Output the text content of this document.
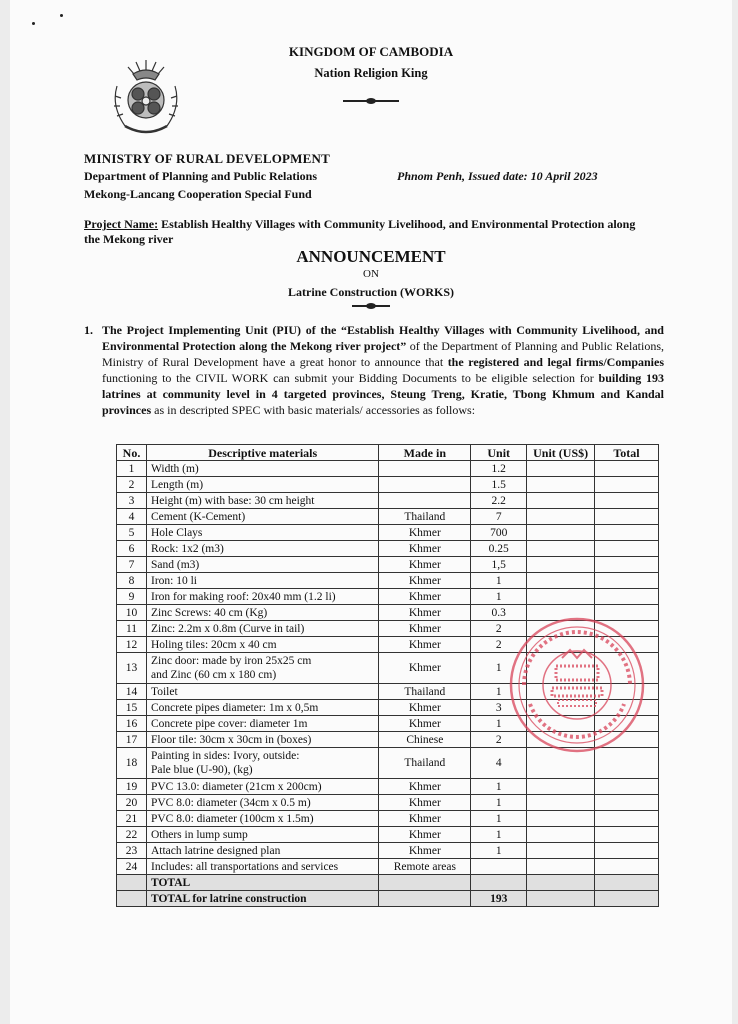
KINGDOM OF CAMBODIA
Nation Religion King
MINISTRY OF RURAL DEVELOPMENT
Department of Planning and Public Relations
Mekong-Lancang Cooperation Special Fund
Phnom Penh, Issued date: 10 April 2023
Project Name: Establish Healthy Villages with Community Livelihood, and Environmental Protection along the Mekong river
ANNOUNCEMENT
ON
Latrine Construction (WORKS)
1. The Project Implementing Unit (PIU) of the “Establish Healthy Villages with Community Livelihood, and Environmental Protection along the Mekong river project” of the Department of Planning and Public Relations, Ministry of Rural Development have a great honor to announce that the registered and legal firms/Companies functioning to the CIVIL WORK can submit your Bidding Documents to be eligible selection for building 193 latrines at community level in 4 targeted provinces, Steung Treng, Kratie, Tbong Khmum and Kandal provinces as in descripted SPEC with basic materials/ accessories as follows:
No.	Descriptive materials	Made in	Unit	Unit (US$)	Total
1	Width (m)		1.2		
2	Length (m)		1.5		
3	Height (m) with base: 30 cm height		2.2		
4	Cement (K-Cement)	Thailand	7		
5	Hole Clays	Khmer	700		
6	Rock: 1x2 (m3)	Khmer	0.25		
7	Sand (m3)	Khmer	1,5		
8	Iron: 10 li	Khmer	1		
9	Iron for making roof: 20x40 mm (1.2 li)	Khmer	1		
10	Zinc Screws: 40 cm (Kg)	Khmer	0.3		
11	Zinc: 2.2m x 0.8m (Curve in tail)	Khmer	2		
12	Holing tiles: 20cm x 40 cm	Khmer	2		
13	Zinc door: made by iron 25x25 cm
and Zinc (60 cm x 180 cm)	Khmer	1		
14	Toilet	Thailand	1		
15	Concrete pipes diameter: 1m x 0,5m	Khmer	3		
16	Concrete pipe cover: diameter 1m	Khmer	1		
17	Floor tile: 30cm x 30cm in (boxes)	Chinese	2		
18	Painting in sides: Ivory, outside:
Pale blue (U-90), (kg)	Thailand	4		
19	PVC 13.0: diameter (21cm x 200cm)	Khmer	1		
20	PVC 8.0: diameter (34cm x 0.5 m)	Khmer	1		
21	PVC 8.0: diameter (100cm x 1.5m)	Khmer	1		
22	Others in lump sump	Khmer	1		
23	Attach latrine designed plan	Khmer	1		
24	Includes: all transportations and services	Remote areas			
	TOTAL				
	TOTAL for latrine construction		193		
